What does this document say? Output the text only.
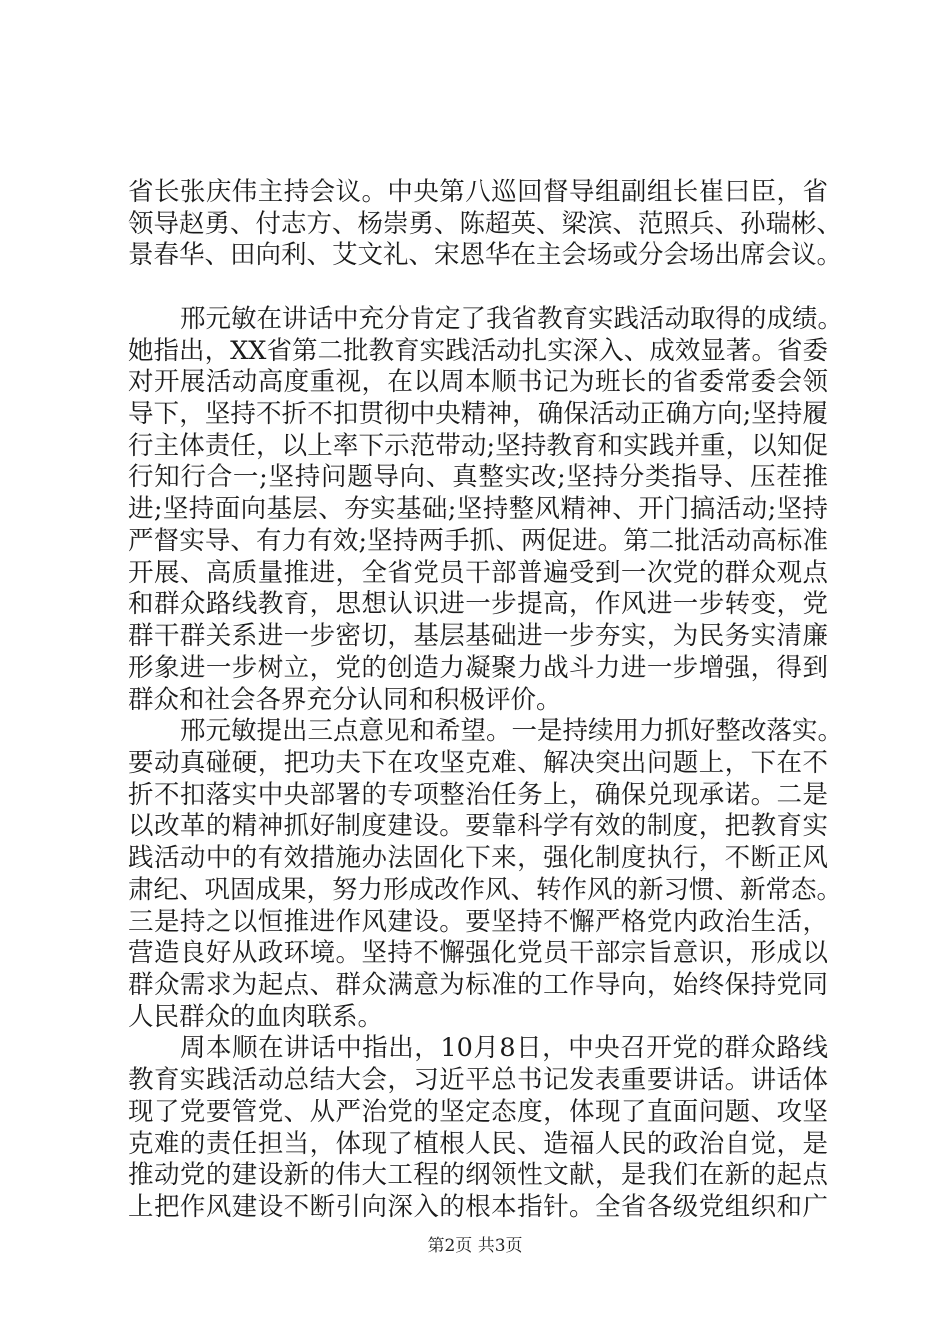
省长张庆伟主持会议。中央第八巡回督导组副组长崔曰臣，省
领导赵勇、付志方、杨崇勇、陈超英、梁滨、范照兵、孙瑞彬、
景春华、田向利、艾文礼、宋恩华在主会场或分会场出席会议。
邢元敏在讲话中充分肯定了我省教育实践活动取得的成绩。
她指出，XX省第二批教育实践活动扎实深入、成效显著。省委
对开展活动高度重视，在以周本顺书记为班长的省委常委会领
导下，坚持不折不扣贯彻中央精神，确保活动正确方向;坚持履
行主体责任，以上率下示范带动;坚持教育和实践并重，以知促
行知行合一;坚持问题导向、真整实改;坚持分类指导、压茬推
进;坚持面向基层、夯实基础;坚持整风精神、开门搞活动;坚持
严督实导、有力有效;坚持两手抓、两促进。第二批活动高标准
开展、高质量推进，全省党员干部普遍受到一次党的群众观点
和群众路线教育，思想认识进一步提高，作风进一步转变，党
群干群关系进一步密切，基层基础进一步夯实，为民务实清廉
形象进一步树立，党的创造力凝聚力战斗力进一步增强，得到
群众和社会各界充分认同和积极评价。
邢元敏提出三点意见和希望。一是持续用力抓好整改落实。
要动真碰硬，把功夫下在攻坚克难、解决突出问题上，下在不
折不扣落实中央部署的专项整治任务上，确保兑现承诺。二是
以改革的精神抓好制度建设。要靠科学有效的制度，把教育实
践活动中的有效措施办法固化下来，强化制度执行，不断正风
肃纪、巩固成果，努力形成改作风、转作风的新习惯、新常态。
三是持之以恒推进作风建设。要坚持不懈严格党内政治生活，
营造良好从政环境。坚持不懈强化党员干部宗旨意识，形成以
群众需求为起点、群众满意为标准的工作导向，始终保持党同
人民群众的血肉联系。
周本顺在讲话中指出，10月8日，中央召开党的群众路线
教育实践活动总结大会，习近平总书记发表重要讲话。讲话体
现了党要管党、从严治党的坚定态度，体现了直面问题、攻坚
克难的责任担当，体现了植根人民、造福人民的政治自觉，是
推动党的建设新的伟大工程的纲领性文献，是我们在新的起点
上把作风建设不断引向深入的根本指针。全省各级党组织和广
第2页 共3页
